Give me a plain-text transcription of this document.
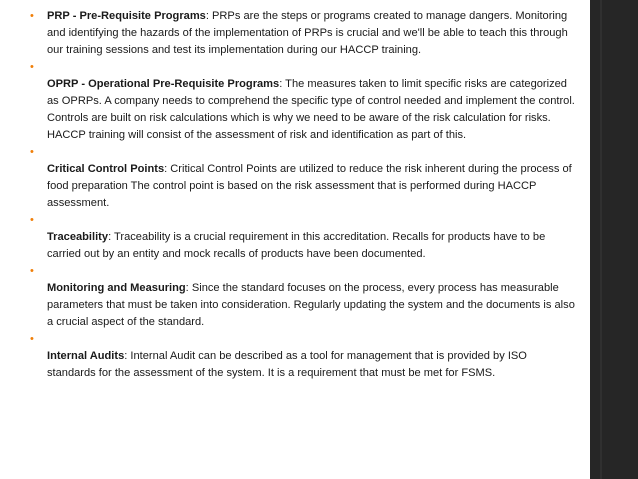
• PRP - Pre-Requisite Programs: PRPs are the steps or programs created to manage dangers. Monitoring and identifying the hazards of the implementation of PRPs is crucial and we'll be able to teach this through our training sessions and test its implementation during our HACCP training.
•
OPRP - Operational Pre-Requisite Programs: The measures taken to limit specific risks are categorized as OPRPs. A company needs to comprehend the specific type of control needed and implement the control. Controls are built on risk calculations which is why we need to be aware of the risk calculation for risks. HACCP training will consist of the assessment of risk and identification as part of this.
•
Critical Control Points: Critical Control Points are utilized to reduce the risk inherent during the process of food preparation The control point is based on the risk assessment that is performed during HACCP assessment.
•
Traceability: Traceability is a crucial requirement in this accreditation. Recalls for products have to be carried out by an entity and mock recalls of products have been documented.
•
Monitoring and Measuring: Since the standard focuses on the process, every process has measurable parameters that must be taken into consideration. Regularly updating the system and the documents is also a crucial aspect of the standard.
•
Internal Audits: Internal Audit can be described as a tool for management that is provided by ISO standards for the assessment of the system. It is a requirement that must be met for FSMS.
